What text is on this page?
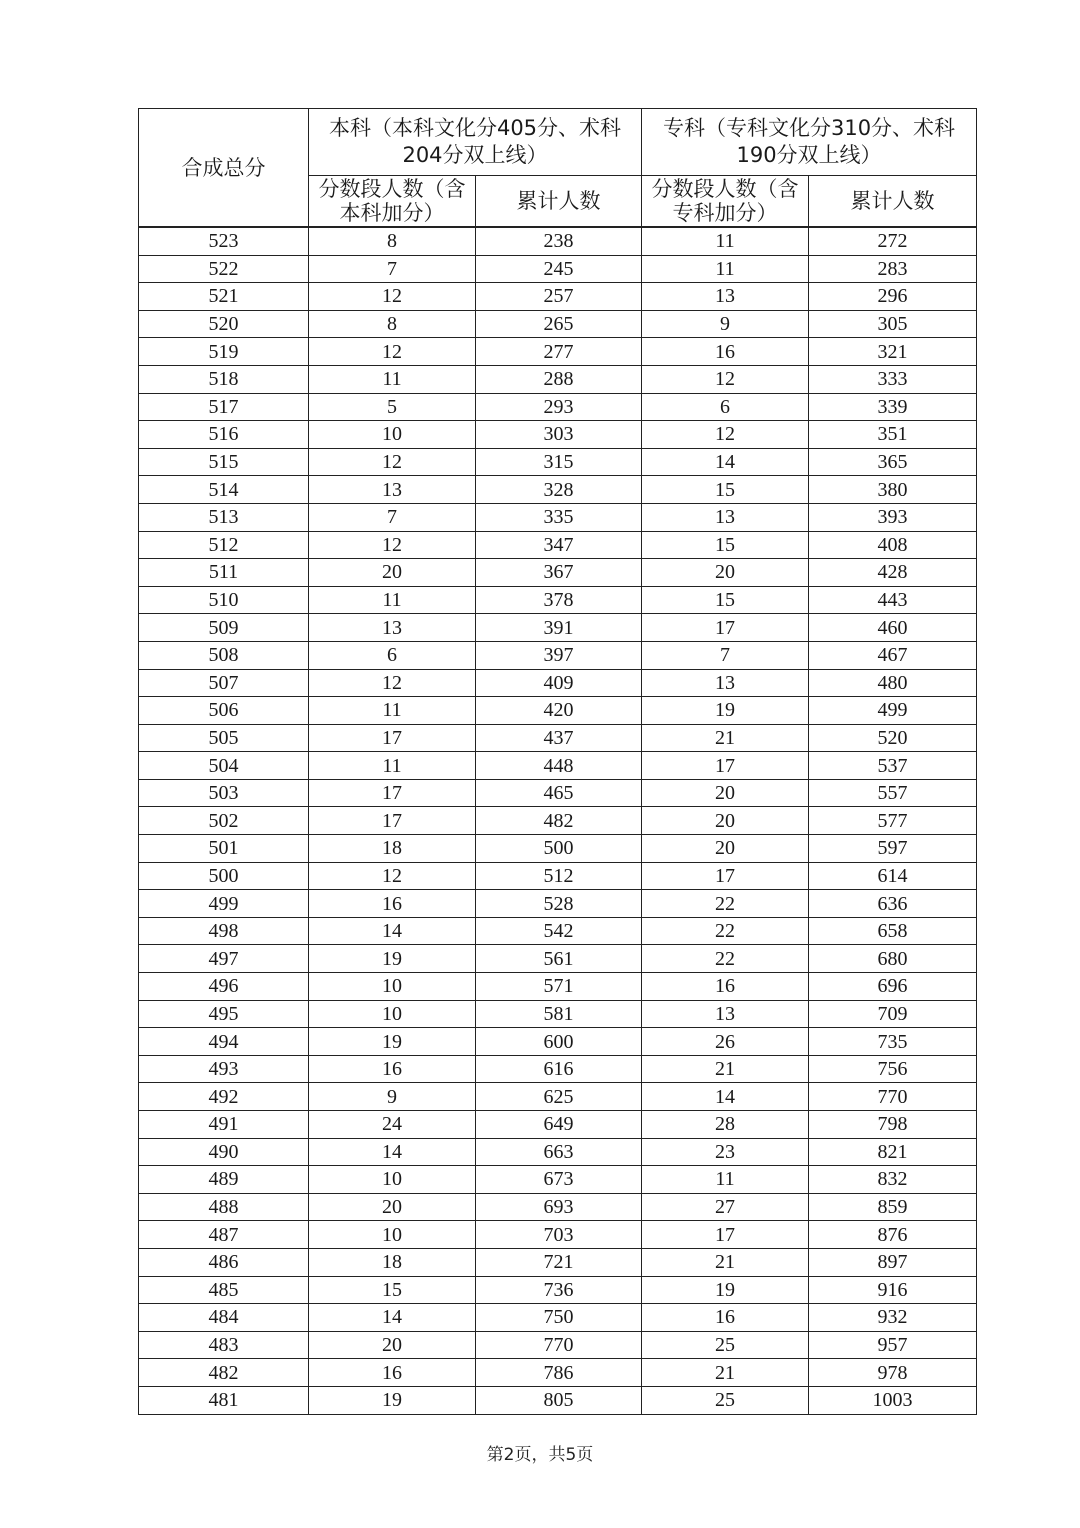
合成总分	本科（本科文化分405分、术科204分双上线）		专科（专科文化分310分、术科190分双上线）	
	分数段人数（含本科加分）	累计人数	分数段人数（含专科加分）	累计人数
523	8	238	11	272
522	7	245	11	283
521	12	257	13	296
520	8	265	9	305
519	12	277	16	321
518	11	288	12	333
517	5	293	6	339
516	10	303	12	351
515	12	315	14	365
514	13	328	15	380
513	7	335	13	393
512	12	347	15	408
511	20	367	20	428
510	11	378	15	443
509	13	391	17	460
508	6	397	7	467
507	12	409	13	480
506	11	420	19	499
505	17	437	21	520
504	11	448	17	537
503	17	465	20	557
502	17	482	20	577
501	18	500	20	597
500	12	512	17	614
499	16	528	22	636
498	14	542	22	658
497	19	561	22	680
496	10	571	16	696
495	10	581	13	709
494	19	600	26	735
493	16	616	21	756
492	9	625	14	770
491	24	649	28	798
490	14	663	23	821
489	10	673	11	832
488	20	693	27	859
487	10	703	17	876
486	18	721	21	897
485	15	736	19	916
484	14	750	16	932
483	20	770	25	957
482	16	786	21	978
481	19	805	25	1003
第2页，共5页
